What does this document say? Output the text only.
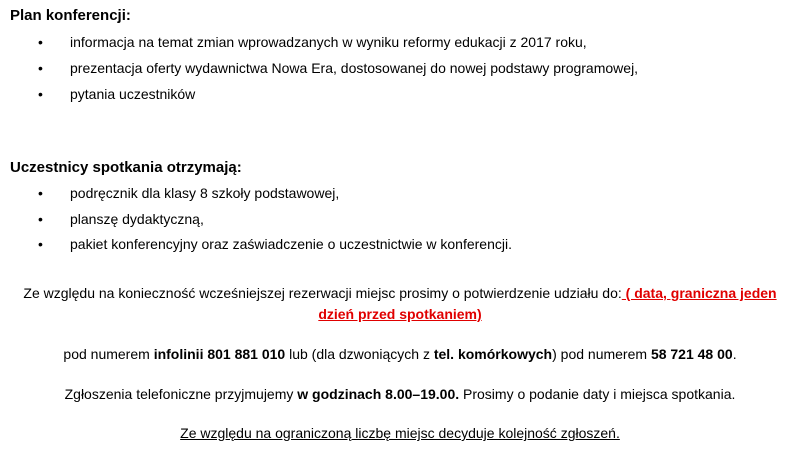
Plan konferencji:
• informacja na temat zmian wprowadzanych w wyniku reformy edukacji z 2017 roku,
• prezentacja oferty wydawnictwa Nowa Era, dostosowanej do nowej podstawy programowej,
• pytania uczestników
Uczestnicy spotkania otrzymają:
• podręcznik dla klasy 8 szkoły podstawowej,
• planszę dydaktyczną,
• pakiet konferencyjny oraz zaświadczenie o uczestnictwie w konferencji.
Ze względu na konieczność wcześniejszej rezerwacji miejsc prosimy o potwierdzenie udziału do: ( data, graniczna jeden
dzień przed spotkaniem)
pod numerem infolinii 801 881 010 lub (dla dzwoniących z tel. komórkowych) pod numerem 58 721 48 00.
Zgłoszenia telefoniczne przyjmujemy w godzinach 8.00–19.00. Prosimy o podanie daty i miejsca spotkania.
Ze względu na ograniczoną liczbę miejsc decyduje kolejność zgłoszeń.
